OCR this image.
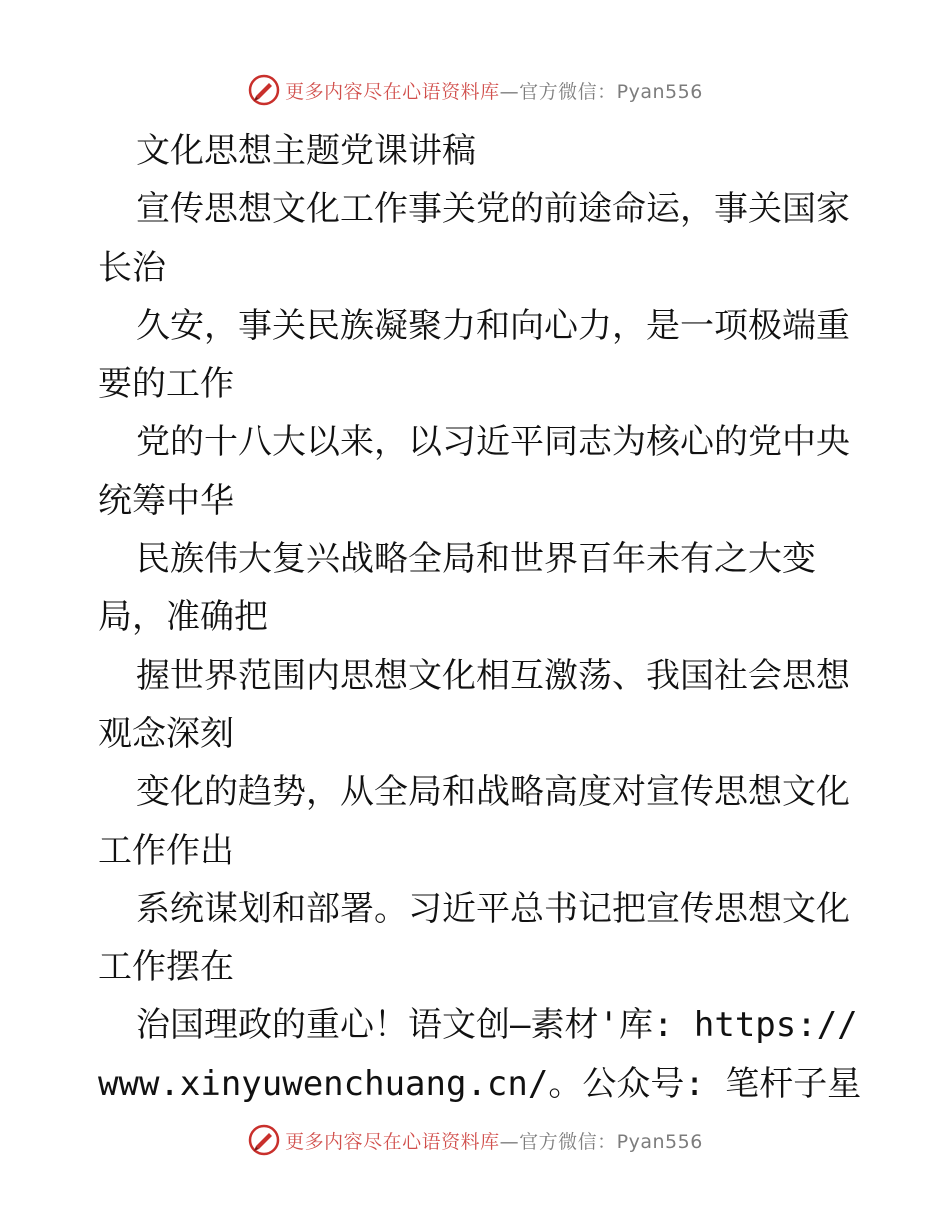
更多内容尽在心语资料库—官方微信：Pyan556
文化思想主题党课讲稿
宣传思想文化工作事关党的前途命运，事关国家
长治
久安，事关民族凝聚力和向心力，是一项极端重
要的工作
党的十八大以来，以习近平同志为核心的党中央
统筹中华
民族伟大复兴战略全局和世界百年未有之大变
局，准确把
握世界范围内思想文化相互激荡、我国社会思想
观念深刻
变化的趋势，从全局和战略高度对宣传思想文化
工作作出
系统谋划和部署。习近平总书记把宣传思想文化
工作摆在
治国理政的重心！语文创—素材'库: https://
www.xinyuwenchuang.cn/。公众号: 笔杆子星
更多内容尽在心语资料库—官方微信：Pyan556
